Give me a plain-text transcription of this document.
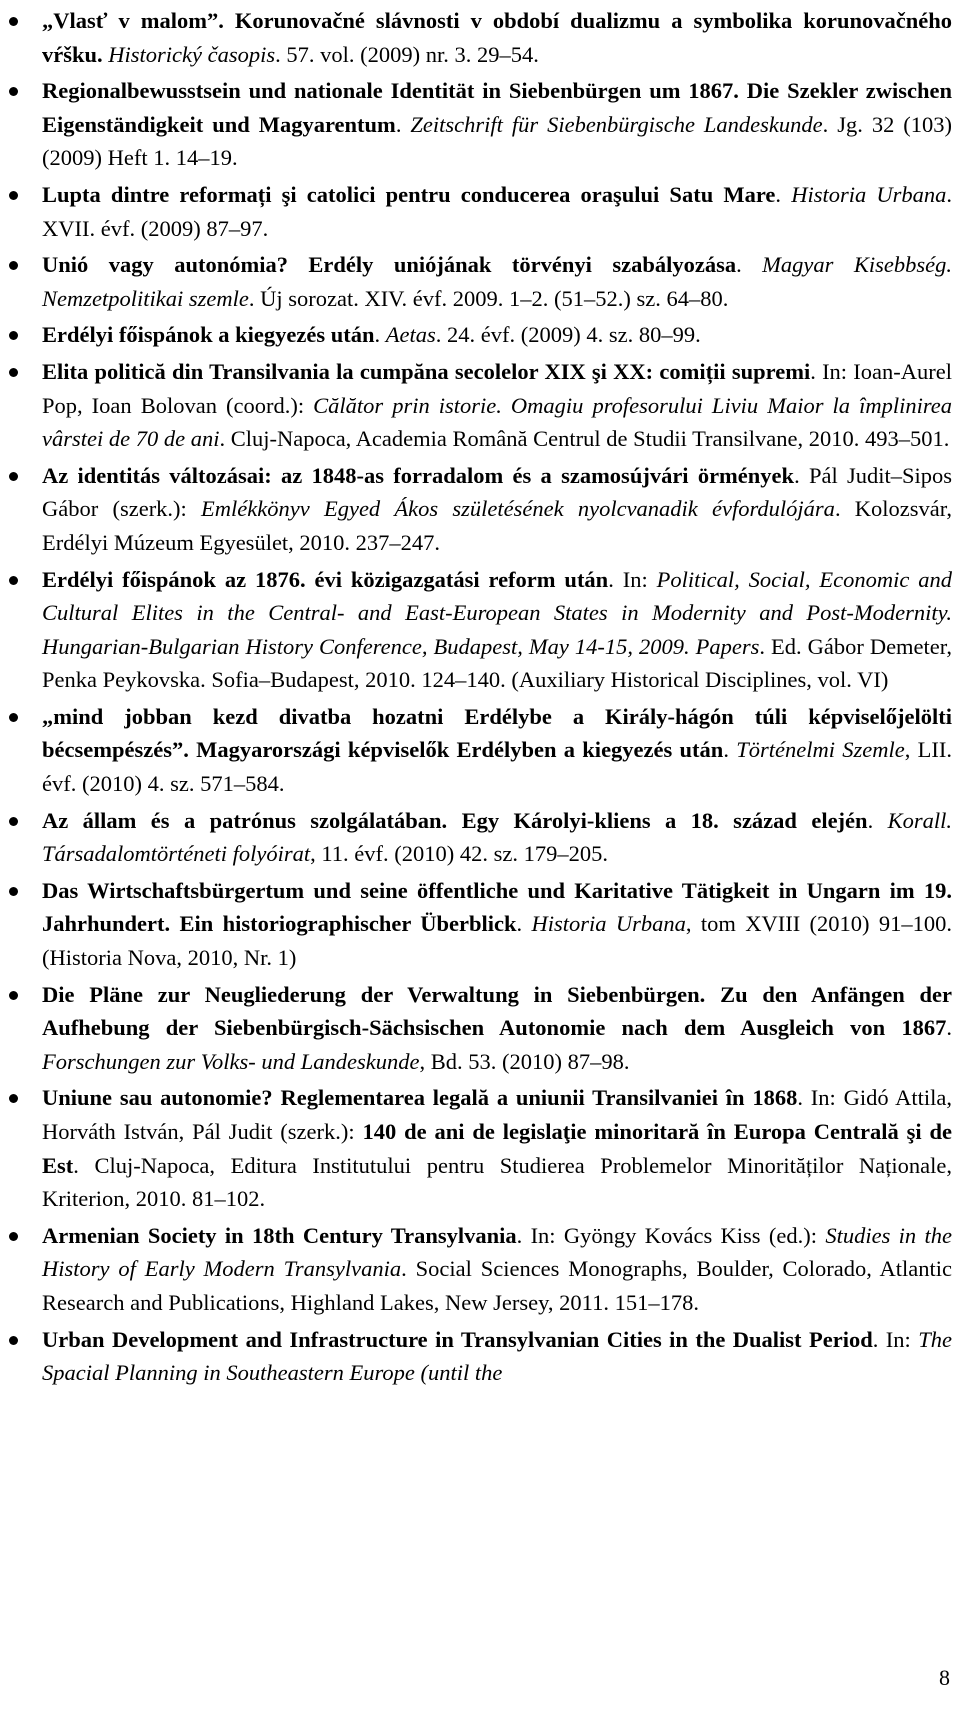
„Vlasť v malom”. Korunovačné slávnosti v období dualizmu a symbolika korunovačného vŕšku. Historický časopis. 57. vol. (2009) nr. 3. 29–54.
Regionalbewusstsein und nationale Identität in Siebenbürgen um 1867. Die Szekler zwischen Eigenständigkeit und Magyarentum. Zeitschrift für Siebenbürgische Landeskunde. Jg. 32 (103) (2009) Heft 1. 14–19.
Lupta dintre reformați şi catolici pentru conducerea oraşului Satu Mare. Historia Urbana. XVII. évf. (2009) 87–97.
Unió vagy autonómia? Erdély uniójának törvényi szabályozása. Magyar Kisebbség. Nemzetpolitikai szemle. Új sorozat. XIV. évf. 2009. 1–2. (51–52.) sz. 64–80.
Erdélyi főispánok a kiegyezés után. Aetas. 24. évf. (2009) 4. sz. 80–99.
Elita politică din Transilvania la cumpăna secolelor XIX şi XX: comiții supremi. In: Ioan-Aurel Pop, Ioan Bolovan (coord.): Călător prin istorie. Omagiu profesorului Liviu Maior la împlinirea vârstei de 70 de ani. Cluj-Napoca, Academia Română Centrul de Studii Transilvane, 2010. 493–501.
Az identitás változásai: az 1848-as forradalom és a szamosújvári örmények. Pál Judit–Sipos Gábor (szerk.): Emlékkönyv Egyed Ákos születésének nyolcvanadik évfordulójára. Kolozsvár, Erdélyi Múzeum Egyesület, 2010. 237–247.
Erdélyi főispánok az 1876. évi közigazgatási reform után. In: Political, Social, Economic and Cultural Elites in the Central- and East-European States in Modernity and Post-Modernity. Hungarian-Bulgarian History Conference, Budapest, May 14-15, 2009. Papers. Ed. Gábor Demeter, Penka Peykovska. Sofia–Budapest, 2010. 124–140. (Auxiliary Historical Disciplines, vol. VI)
„mind jobban kezd divatba hozatni Erdélybe a Király-hágón túli képviselőjelölti bécsempészés”. Magyarországi képviselők Erdélyben a kiegyezés után. Történelmi Szemle, LII. évf. (2010) 4. sz. 571–584.
Az állam és a patrónus szolgálatában. Egy Károlyi-kliens a 18. század elején. Korall. Társadalomtörténeti folyóirat, 11. évf. (2010) 42. sz. 179–205.
Das Wirtschaftsbürgertum und seine öffentliche und Karitative Tätigkeit in Ungarn im 19. Jahrhundert. Ein historiographischer Überblick. Historia Urbana, tom XVIII (2010) 91–100. (Historia Nova, 2010, Nr. 1)
Die Pläne zur Neugliederung der Verwaltung in Siebenbürgen. Zu den Anfängen der Aufhebung der Siebenbürgisch-Sächsischen Autonomie nach dem Ausgleich von 1867. Forschungen zur Volks- und Landeskunde, Bd. 53. (2010) 87–98.
Uniune sau autonomie? Reglementarea legală a uniunii Transilvaniei în 1868. In: Gidó Attila, Horváth István, Pál Judit (szerk.): 140 de ani de legislaţie minoritară în Europa Centrală şi de Est. Cluj-Napoca, Editura Institutului pentru Studierea Problemelor Minorităților Naționale, Kriterion, 2010. 81–102.
Armenian Society in 18th Century Transylvania. In: Gyöngy Kovács Kiss (ed.): Studies in the History of Early Modern Transylvania. Social Sciences Monographs, Boulder, Colorado, Atlantic Research and Publications, Highland Lakes, New Jersey, 2011. 151–178.
Urban Development and Infrastructure in Transylvanian Cities in the Dualist Period. In: The Spacial Planning in Southeastern Europe (until the
8
